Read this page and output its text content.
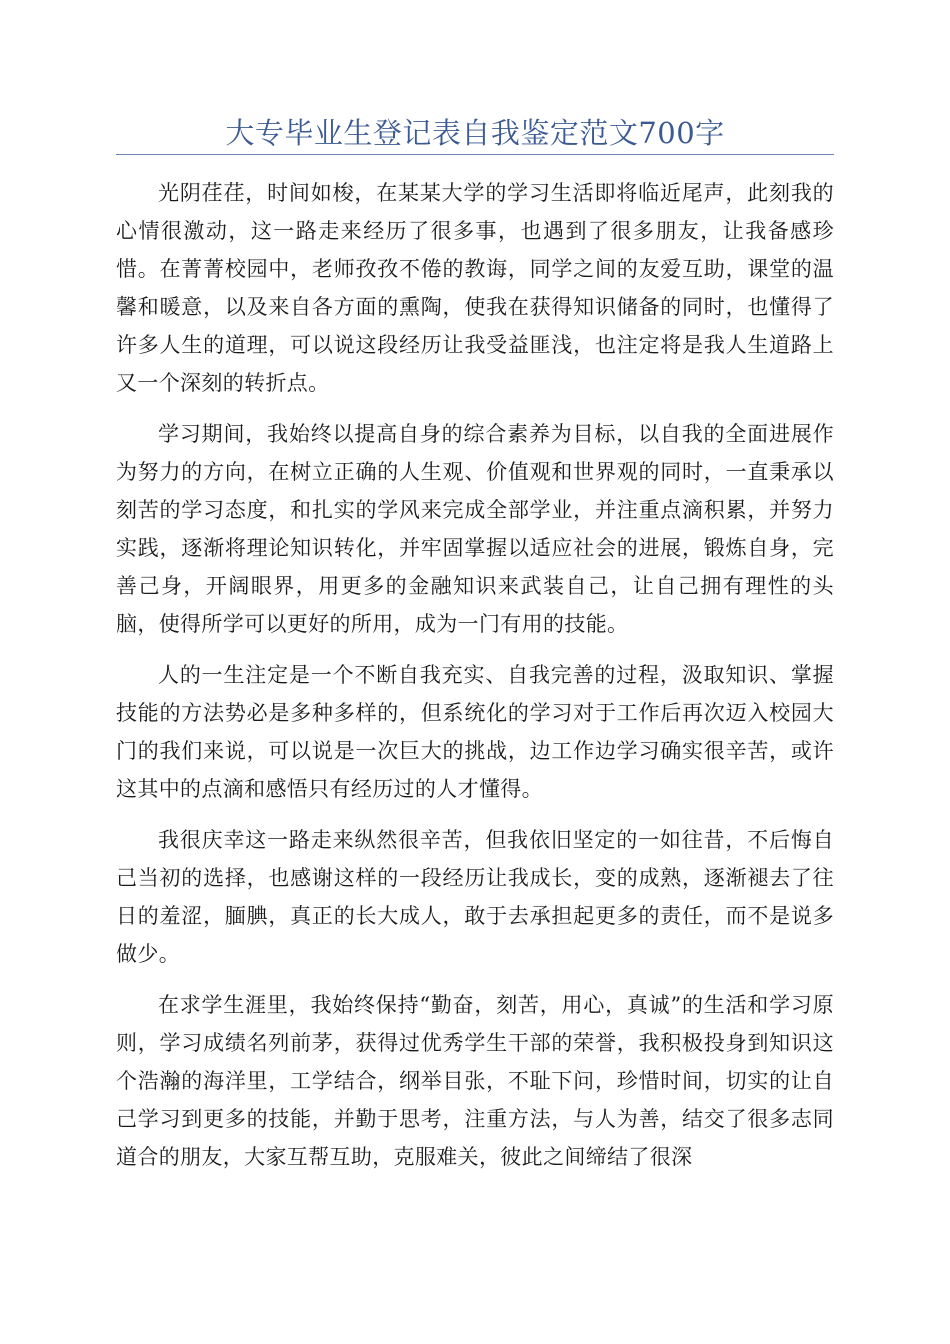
大专毕业生登记表自我鉴定范文700字

光阴荏荏，时间如梭，在某某大学的学习生活即将临近尾声，此刻我的心情很激动，这一路走来经历了很多事，也遇到了很多朋友，让我备感珍惜。在菁菁校园中，老师孜孜不倦的教诲，同学之间的友爱互助，课堂的温馨和暖意，以及来自各方面的熏陶，使我在获得知识储备的同时，也懂得了许多人生的道理，可以说这段经历让我受益匪浅，也注定将是我人生道路上又一个深刻的转折点。

学习期间，我始终以提高自身的综合素养为目标，以自我的全面进展作为努力的方向，在树立正确的人生观、价值观和世界观的同时，一直秉承以刻苦的学习态度，和扎实的学风来完成全部学业，并注重点滴积累，并努力实践，逐渐将理论知识转化，并牢固掌握以适应社会的进展，锻炼自身，完善己身，开阔眼界，用更多的金融知识来武装自己，让自己拥有理性的头脑，使得所学可以更好的所用，成为一门有用的技能。

人的一生注定是一个不断自我充实、自我完善的过程，汲取知识、掌握技能的方法势必是多种多样的，但系统化的学习对于工作后再次迈入校园大门的我们来说，可以说是一次巨大的挑战，边工作边学习确实很辛苦，或许这其中的点滴和感悟只有经历过的人才懂得。

我很庆幸这一路走来纵然很辛苦，但我依旧坚定的一如往昔，不后悔自己当初的选择，也感谢这样的一段经历让我成长，变的成熟，逐渐褪去了往日的羞涩，腼腆，真正的长大成人，敢于去承担起更多的责任，而不是说多做少。

在求学生涯里，我始终保持“勤奋，刻苦，用心，真诚”的生活和学习原则，学习成绩名列前茅，获得过优秀学生干部的荣誉，我积极投身到知识这个浩瀚的海洋里，工学结合，纲举目张，不耻下问，珍惜时间，切实的让自己学习到更多的技能，并勤于思考，注重方法，与人为善，结交了很多志同道合的朋友，大家互帮互助，克服难关，彼此之间缔结了很深
